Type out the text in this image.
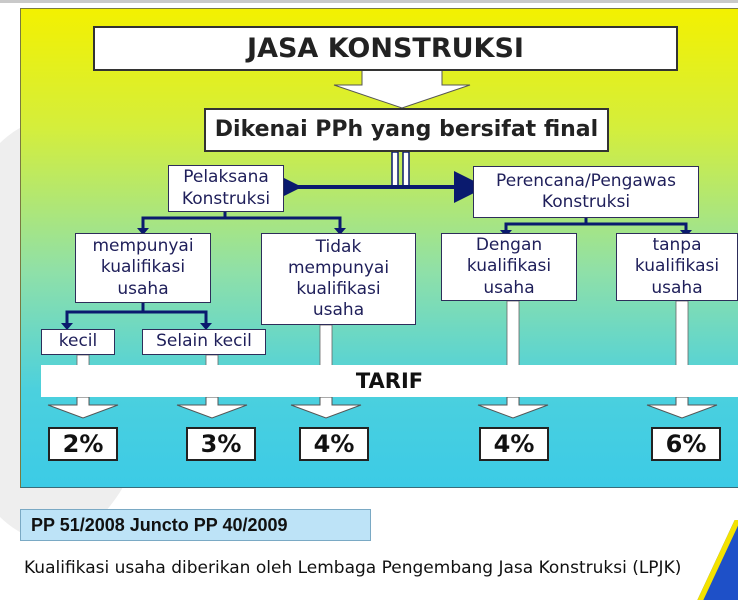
JASA KONSTRUKSI
Dikenai PPh yang bersifat final
Pelaksana
Konstruksi
Perencana/Pengawas
Konstruksi
mempunyai
kualifikasi
usaha
Tidak
mempunyai
kualifikasi
usaha
Dengan
kualifikasi
usaha
tanpa
kualifikasi
usaha
kecil	Selain kecil
TARIF
2%	3%	4%	4%	6%
PP 51/2008 Juncto PP 40/2009
Kualifikasi usaha diberikan oleh Lembaga Pengembang Jasa Konstruksi (LPJK)
